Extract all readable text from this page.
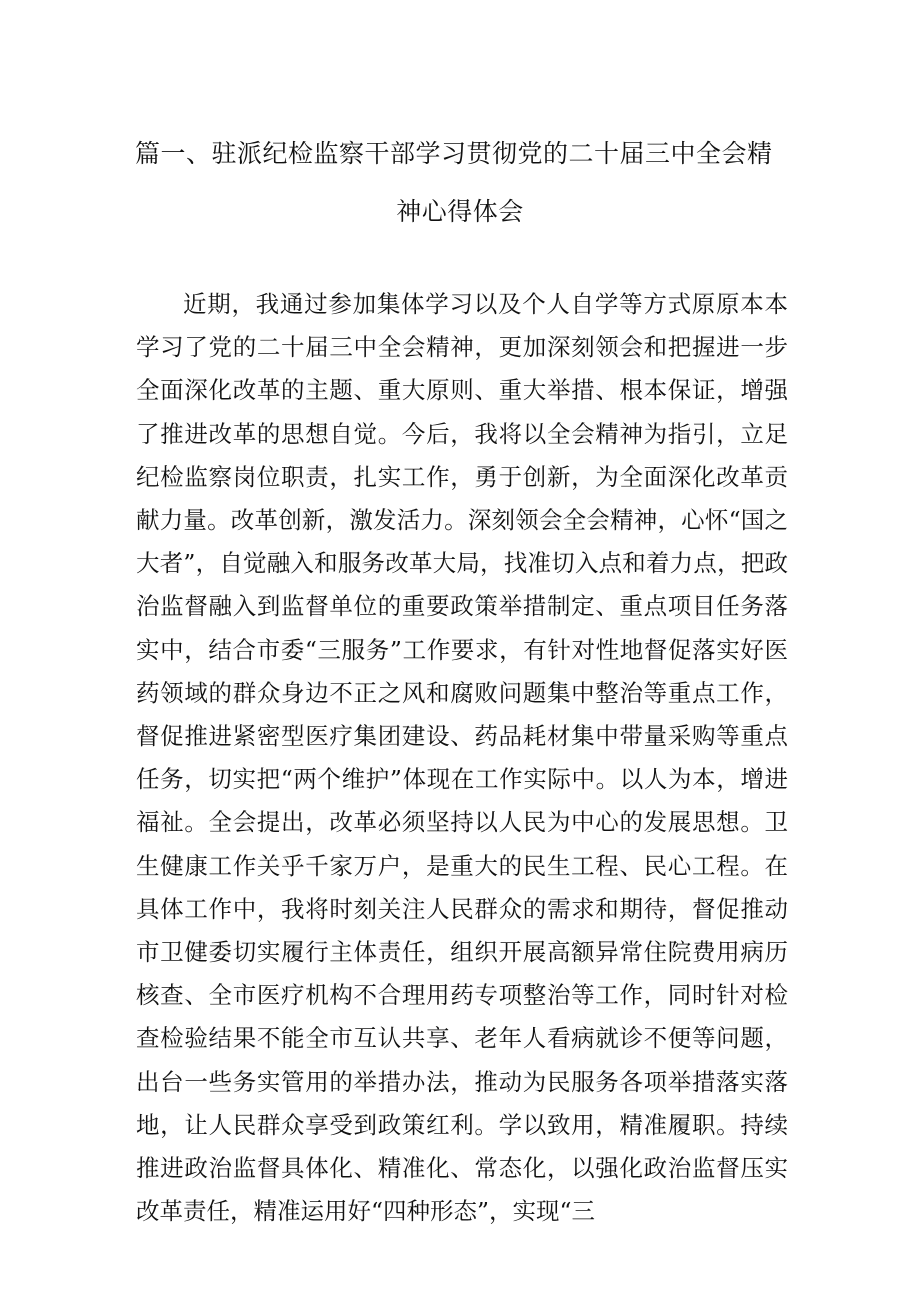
篇一、驻派纪检监察干部学习贯彻党的二十届三中全会精
神心得体会

近期，我通过参加集体学习以及个人自学等方式原原本本学习了党的二十届三中全会精神，更加深刻领会和把握进一步全面深化改革的主题、重大原则、重大举措、根本保证，增强了推进改革的思想自觉。今后，我将以全会精神为指引，立足纪检监察岗位职责，扎实工作，勇于创新，为全面深化改革贡献力量。改革创新，激发活力。深刻领会全会精神，心怀“国之大者”，自觉融入和服务改革大局，找准切入点和着力点，把政治监督融入到监督单位的重要政策举措制定、重点项目任务落实中，结合市委“三服务”工作要求，有针对性地督促落实好医药领域的群众身边不正之风和腐败问题集中整治等重点工作，督促推进紧密型医疗集团建设、药品耗材集中带量采购等重点任务，切实把“两个维护”体现在工作实际中。以人为本，增进福祉。全会提出，改革必须坚持以人民为中心的发展思想。卫生健康工作关乎千家万户，是重大的民生工程、民心工程。在具体工作中，我将时刻关注人民群众的需求和期待，督促推动市卫健委切实履行主体责任，组织开展高额异常住院费用病历核查、全市医疗机构不合理用药专项整治等工作，同时针对检查检验结果不能全市互认共享、老年人看病就诊不便等问题，出台一些务实管用的举措办法，推动为民服务各项举措落实落地，让人民群众享受到政策红利。学以致用，精准履职。持续推进政治监督具体化、精准化、常态化，以强化政治监督压实改革责任，精准运用好“四种形态”，实现“三
